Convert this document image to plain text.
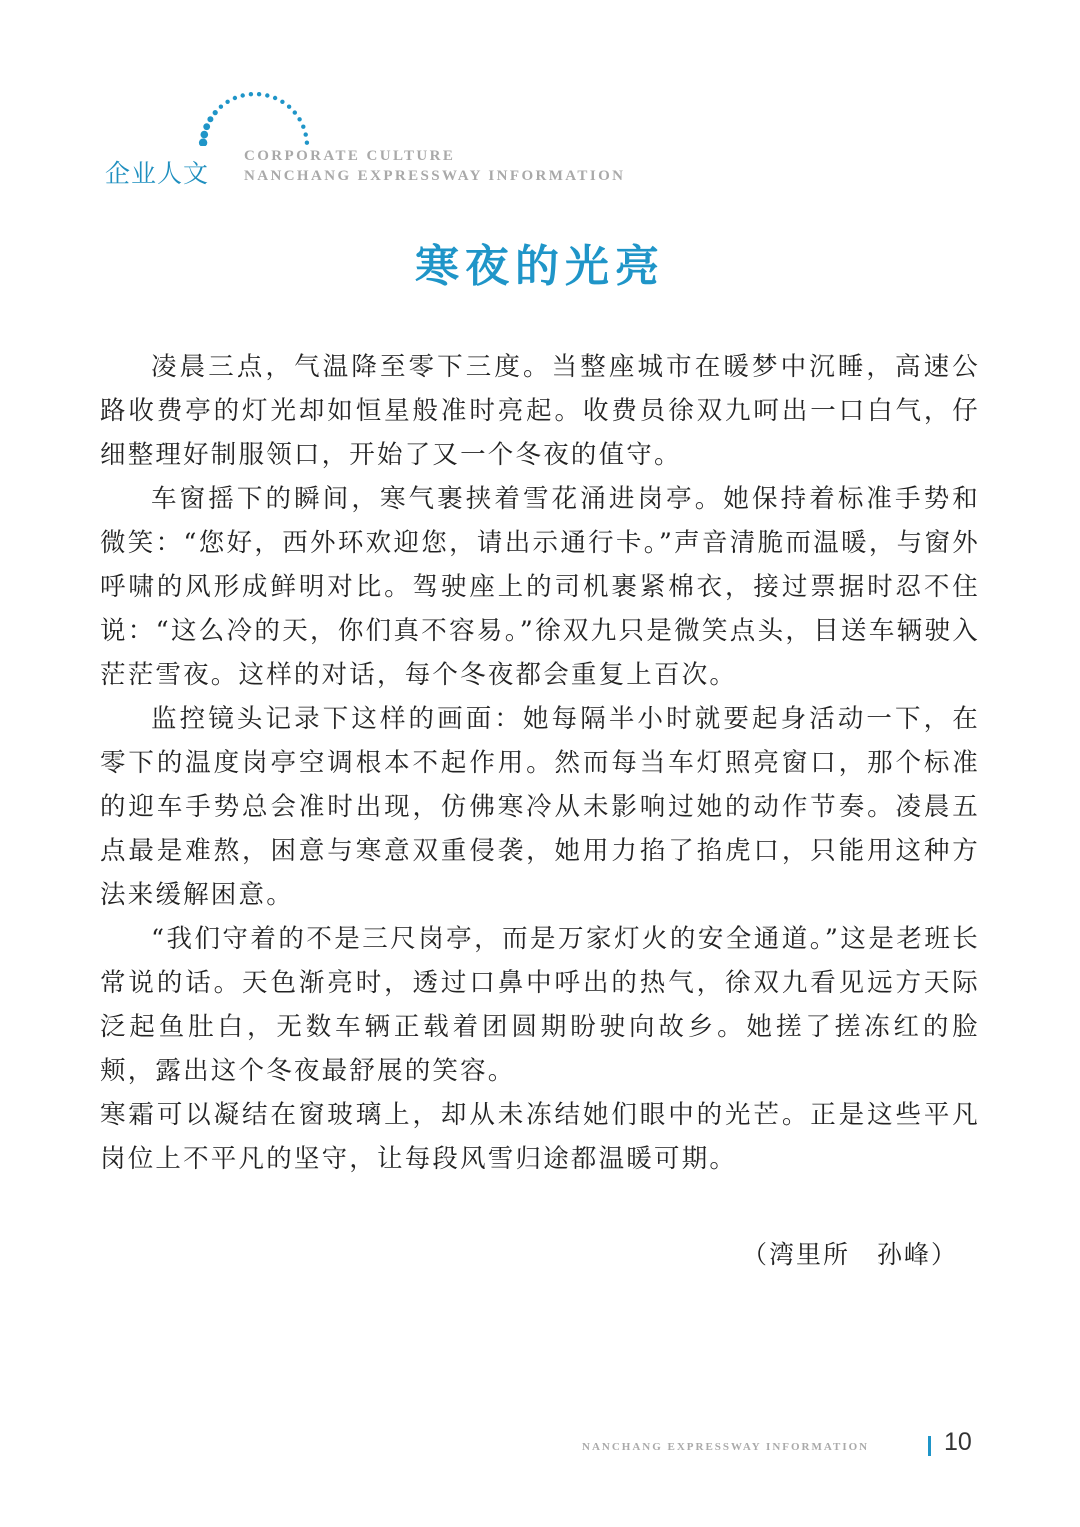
企业人文
CORPORATE CULTURE
NANCHANG EXPRESSWAY INFORMATION
寒夜的光亮

凌晨三点，气温降至零下三度。当整座城市在暖梦中沉睡，高速公路收费亭的灯光却如恒星般准时亮起。收费员徐双九呵出一口白气，仔细整理好制服领口，开始了又一个冬夜的值守。

车窗摇下的瞬间，寒气裹挟着雪花涌进岗亭。她保持着标准手势和微笑：“您好，西外环欢迎您，请出示通行卡。”声音清脆而温暖，与窗外呼啸的风形成鲜明对比。驾驶座上的司机裹紧棉衣，接过票据时忍不住说：“这么冷的天，你们真不容易。”徐双九只是微笑点头，目送车辆驶入茫茫雪夜。这样的对话，每个冬夜都会重复上百次。

监控镜头记录下这样的画面：她每隔半小时就要起身活动一下，在零下的温度岗亭空调根本不起作用。然而每当车灯照亮窗口，那个标准的迎车手势总会准时出现，仿佛寒冷从未影响过她的动作节奏。凌晨五点最是难熬，困意与寒意双重侵袭，她用力掐了掐虎口，只能用这种方法来缓解困意。

“我们守着的不是三尺岗亭，而是万家灯火的安全通道。”这是老班长常说的话。天色渐亮时，透过口鼻中呼出的热气，徐双九看见远方天际泛起鱼肚白，无数车辆正载着团圆期盼驶向故乡。她搓了搓冻红的脸颊，露出这个冬夜最舒展的笑容。

寒霜可以凝结在窗玻璃上，却从未冻结她们眼中的光芒。正是这些平凡岗位上不平凡的坚守，让每段风雪归途都温暖可期。

（湾里所　孙峰）
NANCHANG EXPRESSWAY INFORMATION	10
